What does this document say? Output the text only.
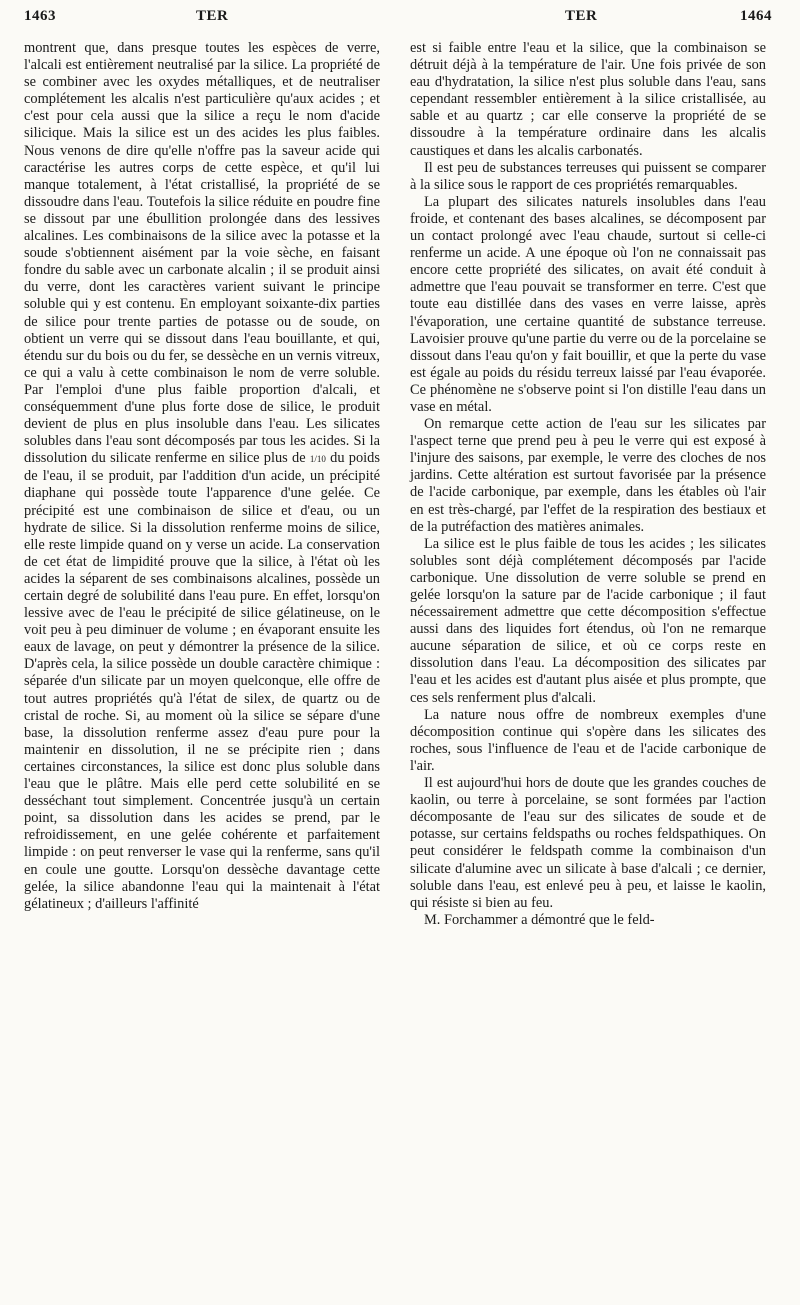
1463	TER	TER	1464

montrent que, dans presque toutes les espèces de verre, l'alcali est entièrement neutralisé par la silice. La propriété de se combiner avec les oxydes métalliques, et de neutraliser complétement les alcalis n'est particulière qu'aux acides ; et c'est pour cela aussi que la silice a reçu le nom d'acide silicique. Mais la silice est un des acides les plus faibles. Nous venons de dire qu'elle n'offre pas la saveur acide qui caractérise les autres corps de cette espèce, et qu'il lui manque totalement, à l'état cristallisé, la propriété de se dissoudre dans l'eau. Toutefois la silice réduite en poudre fine se dissout par une ébullition prolongée dans des lessives alcalines. Les combinaisons de la silice avec la potasse et la soude s'obtiennent aisément par la voie sèche, en faisant fondre du sable avec un carbonate alcalin ; il se produit ainsi du verre, dont les caractères varient suivant le principe soluble qui y est contenu. En employant soixante-dix parties de silice pour trente parties de potasse ou de soude, on obtient un verre qui se dissout dans l'eau bouillante, et qui, étendu sur du bois ou du fer, se dessèche en un vernis vitreux, ce qui a valu à cette combinaison le nom de verre soluble. Par l'emploi d'une plus faible proportion d'alcali, et conséquemment d'une plus forte dose de silice, le produit devient de plus en plus insoluble dans l'eau. Les silicates solubles dans l'eau sont décomposés par tous les acides. Si la dissolution du silicate renferme en silice plus de 1/10 du poids de l'eau, il se produit, par l'addition d'un acide, un précipité diaphane qui possède toute l'apparence d'une gelée. Ce précipité est une combinaison de silice et d'eau, ou un hydrate de silice. Si la dissolution renferme moins de silice, elle reste limpide quand on y verse un acide. La conservation de cet état de limpidité prouve que la silice, à l'état où les acides la séparent de ses combinaisons alcalines, possède un certain degré de solubilité dans l'eau pure. En effet, lorsqu'on lessive avec de l'eau le précipité de silice gélatineuse, on le voit peu à peu diminuer de volume ; en évaporant ensuite les eaux de lavage, on peut y démontrer la présence de la silice. D'après cela, la silice possède un double caractère chimique : séparée d'un silicate par un moyen quelconque, elle offre de tout autres propriétés qu'à l'état de silex, de quartz ou de cristal de roche. Si, au moment où la silice se sépare d'une base, la dissolution renferme assez d'eau pure pour la maintenir en dissolution, il ne se précipite rien ; dans certaines circonstances, la silice est donc plus soluble dans l'eau que le plâtre. Mais elle perd cette solubilité en se desséchant tout simplement. Concentrée jusqu'à un certain point, sa dissolution dans les acides se prend, par le refroidissement, en une gelée cohérente et parfaitement limpide : on peut renverser le vase qui la renferme, sans qu'il en coule une goutte. Lorsqu'on dessèche davantage cette gelée, la silice abandonne l'eau qui la maintenait à l'état gélatineux ; d'ailleurs l'affinité

est si faible entre l'eau et la silice, que la combinaison se détruit déjà à la température de l'air. Une fois privée de son eau d'hydratation, la silice n'est plus soluble dans l'eau, sans cependant ressembler entièrement à la silice cristallisée, au sable et au quartz ; car elle conserve la propriété de se dissoudre à la température ordinaire dans les alcalis caustiques et dans les alcalis carbonatés.

Il est peu de substances terreuses qui puissent se comparer à la silice sous le rapport de ces propriétés remarquables.

La plupart des silicates naturels insolubles dans l'eau froide, et contenant des bases alcalines, se décomposent par un contact prolongé avec l'eau chaude, surtout si celle-ci renferme un acide. A une époque où l'on ne connaissait pas encore cette propriété des silicates, on avait été conduit à admettre que l'eau pouvait se transformer en terre. C'est que toute eau distillée dans des vases en verre laisse, après l'évaporation, une certaine quantité de substance terreuse. Lavoisier prouve qu'une partie du verre ou de la porcelaine se dissout dans l'eau qu'on y fait bouillir, et que la perte du vase est égale au poids du résidu terreux laissé par l'eau évaporée. Ce phénomène ne s'observe point si l'on distille l'eau dans un vase en métal.

On remarque cette action de l'eau sur les silicates par l'aspect terne que prend peu à peu le verre qui est exposé à l'injure des saisons, par exemple, le verre des cloches de nos jardins. Cette altération est surtout favorisée par la présence de l'acide carbonique, par exemple, dans les étables où l'air en est très-chargé, par l'effet de la respiration des bestiaux et de la putréfaction des matières animales.

La silice est le plus faible de tous les acides ; les silicates solubles sont déjà complétement décomposés par l'acide carbonique. Une dissolution de verre soluble se prend en gelée lorsqu'on la sature par de l'acide carbonique ; il faut nécessairement admettre que cette décomposition s'effectue aussi dans des liquides fort étendus, où l'on ne remarque aucune séparation de silice, et où ce corps reste en dissolution dans l'eau. La décomposition des silicates par l'eau et les acides est d'autant plus aisée et plus prompte, que ces sels renferment plus d'alcali.

La nature nous offre de nombreux exemples d'une décomposition continue qui s'opère dans les silicates des roches, sous l'influence de l'eau et de l'acide carbonique de l'air.

Il est aujourd'hui hors de doute que les grandes couches de kaolin, ou terre à porcelaine, se sont formées par l'action décomposante de l'eau sur des silicates de soude et de potasse, sur certains feldspaths ou roches feldspathiques. On peut considérer le feldspath comme la combinaison d'un silicate d'alumine avec un silicate à base d'alcali ; ce dernier, soluble dans l'eau, est enlevé peu à peu, et laisse le kaolin, qui résiste si bien au feu.

M. Forchammer a démontré que le feld-
